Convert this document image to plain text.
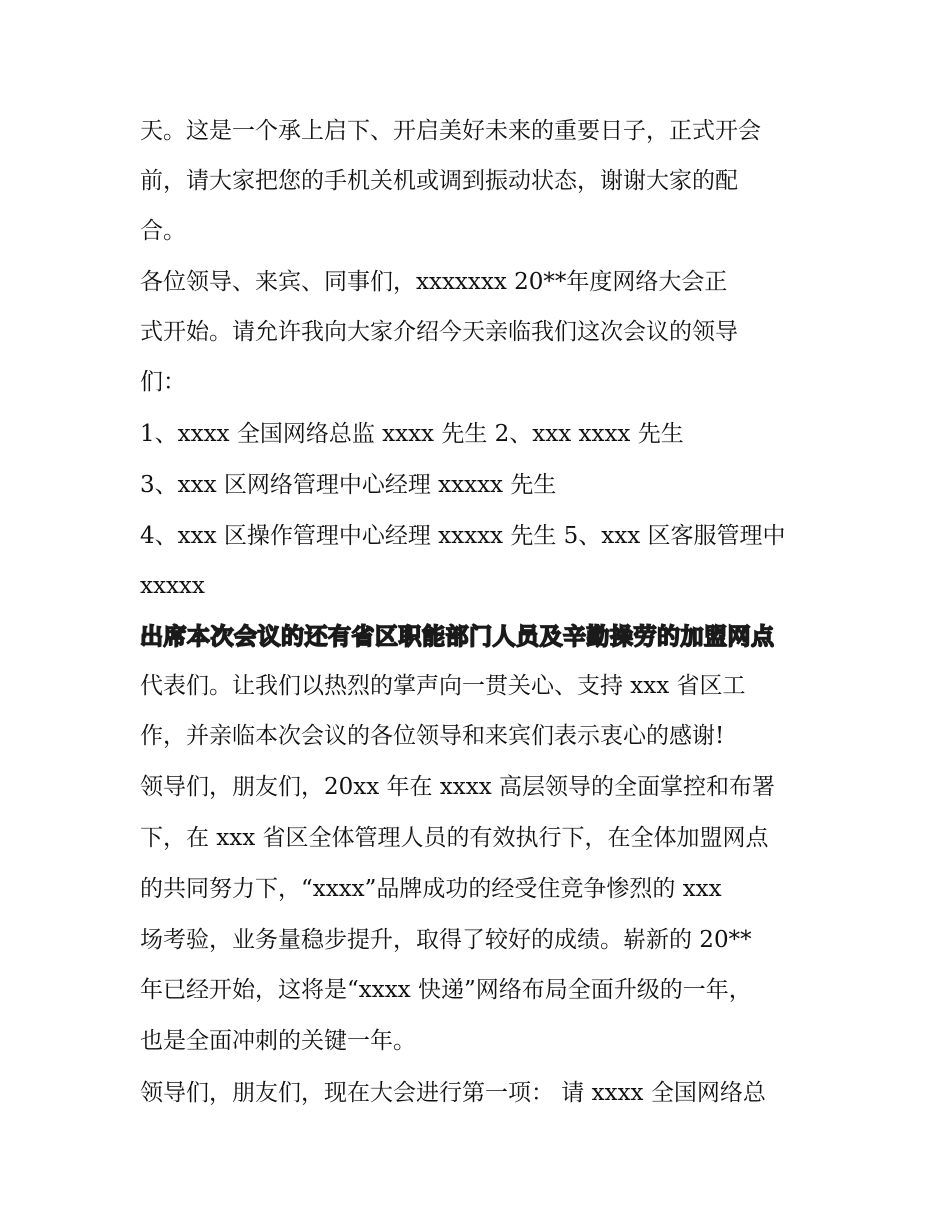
天。这是一个承上启下、开启美好未来的重要日子，正式开会
前，请大家把您的手机关机或调到振动状态，谢谢大家的配
合。
各位领导、来宾、同事们，xxxxxxx 20**年度网络大会正
式开始。请允许我向大家介绍今天亲临我们这次会议的领导
们：
1、xxxx 全国网络总监 xxxx 先生 2、xxx xxxx 先生
3、xxx 区网络管理中心经理 xxxxx 先生
4、xxx 区操作管理中心经理 xxxxx 先生 5、xxx 区客服管理中
xxxxx
出席本次会议的还有省区职能部门人员及辛勤操劳的加盟网点
代表们。让我们以热烈的掌声向一贯关心、支持 xxx 省区工
作，并亲临本次会议的各位领导和来宾们表示衷心的感谢!
领导们，朋友们，20xx 年在 xxxx 高层领导的全面掌控和布署
下，在 xxx 省区全体管理人员的有效执行下，在全体加盟网点
的共同努力下，“xxxx”品牌成功的经受住竞争惨烈的 xxx
场考验，业务量稳步提升，取得了较好的成绩。崭新的 20**
年已经开始，这将是“xxxx 快递”网络布局全面升级的一年，
也是全面冲刺的关键一年。
领导们，朋友们，现在大会进行第一项： 请 xxxx 全国网络总
